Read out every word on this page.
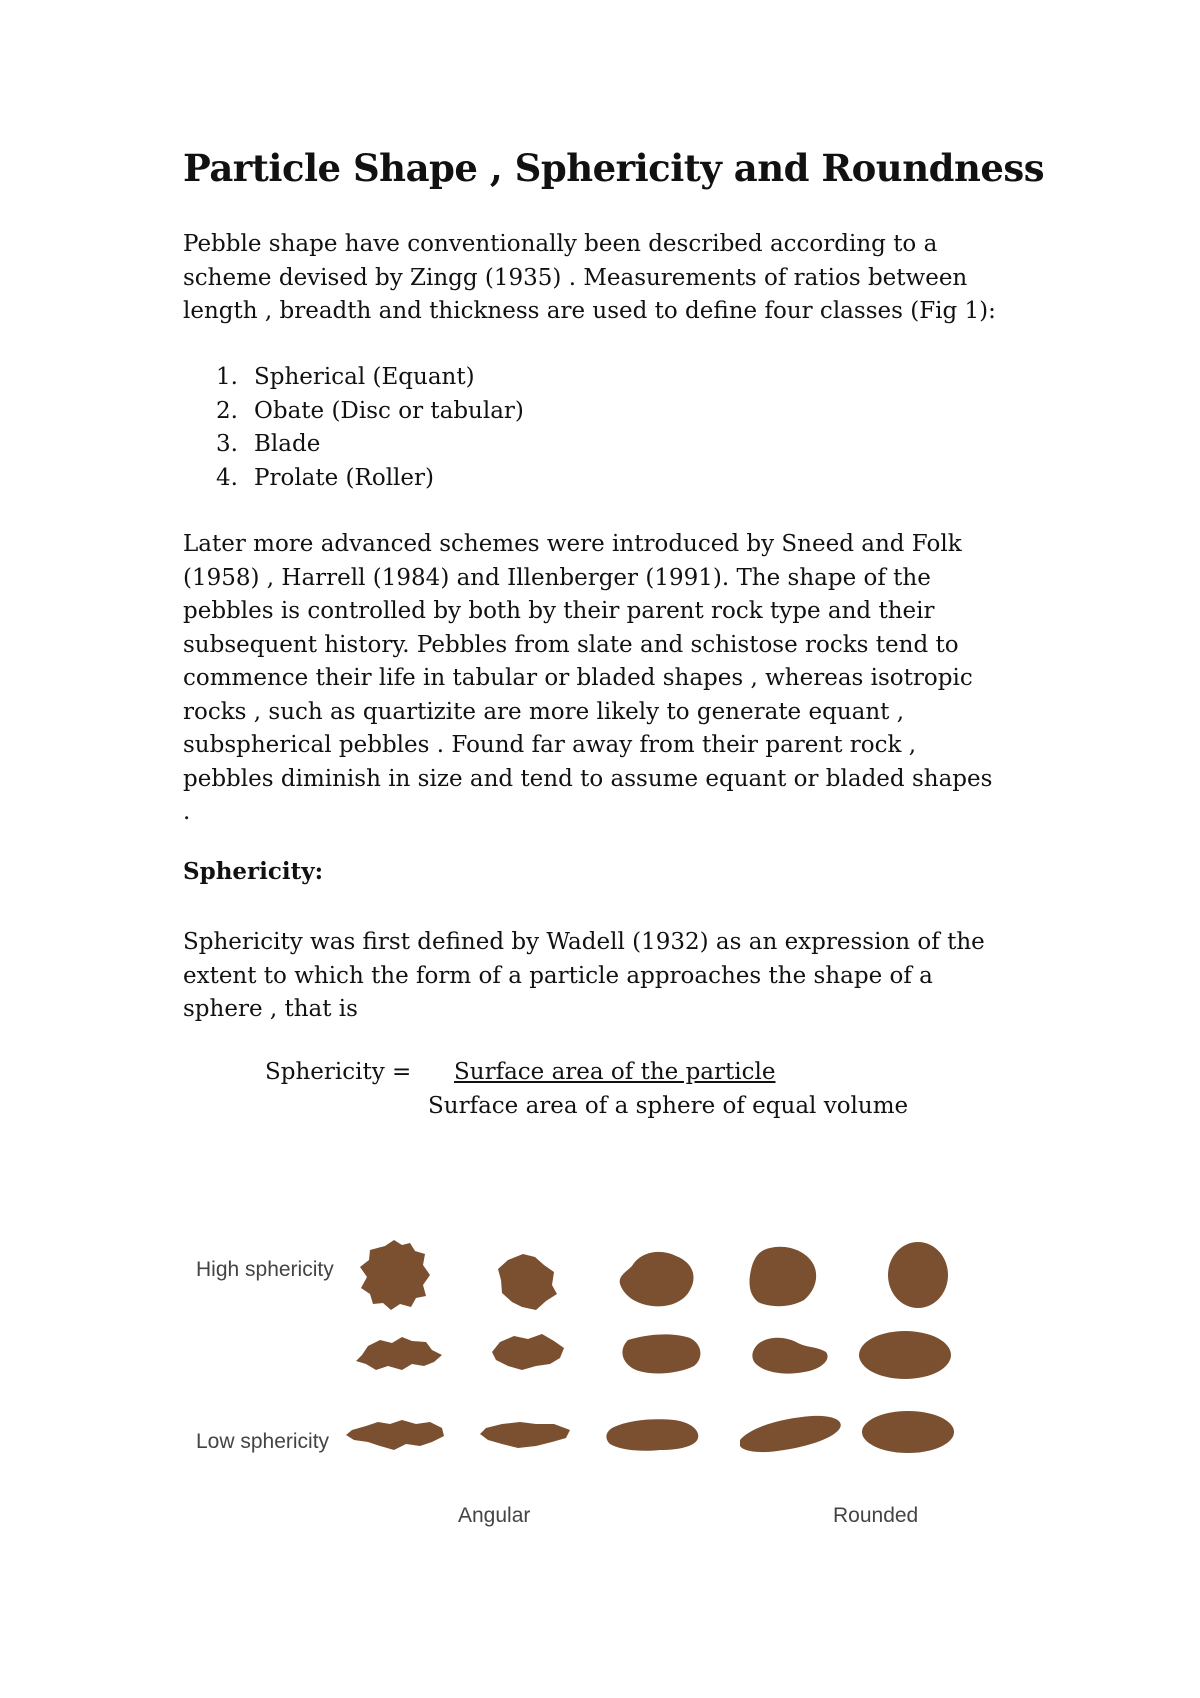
Particle Shape , Sphericity and Roundness

Pebble shape have conventionally been described according to a

scheme devised by Zingg (1935) . Measurements of ratios between

length , breadth and thickness are used to define four classes (Fig 1):

1. Spherical (Equant)
2. Obate (Disc or tabular)
3. Blade
4. Prolate (Roller)

Later more advanced schemes were introduced by Sneed and Folk

(1958) , Harrell (1984) and Illenberger (1991). The shape of the

pebbles is controlled by both by their parent rock type and their

subsequent history. Pebbles from slate and schistose rocks tend to

commence their life in tabular or bladed shapes , whereas isotropic

rocks , such as quartizite are more likely to generate equant ,

subspherical pebbles . Found far away from their parent rock ,

pebbles diminish in size and tend to assume equant or bladed shapes

.

Sphericity:

Sphericity was first defined by Wadell (1932) as an expression of the

extent to which the form of a particle approaches the shape of a

sphere , that is

Sphericity = Surface area of the particle
Surface area of a sphere of equal volume
High sphericity
Low sphericity
Angular	Rounded
